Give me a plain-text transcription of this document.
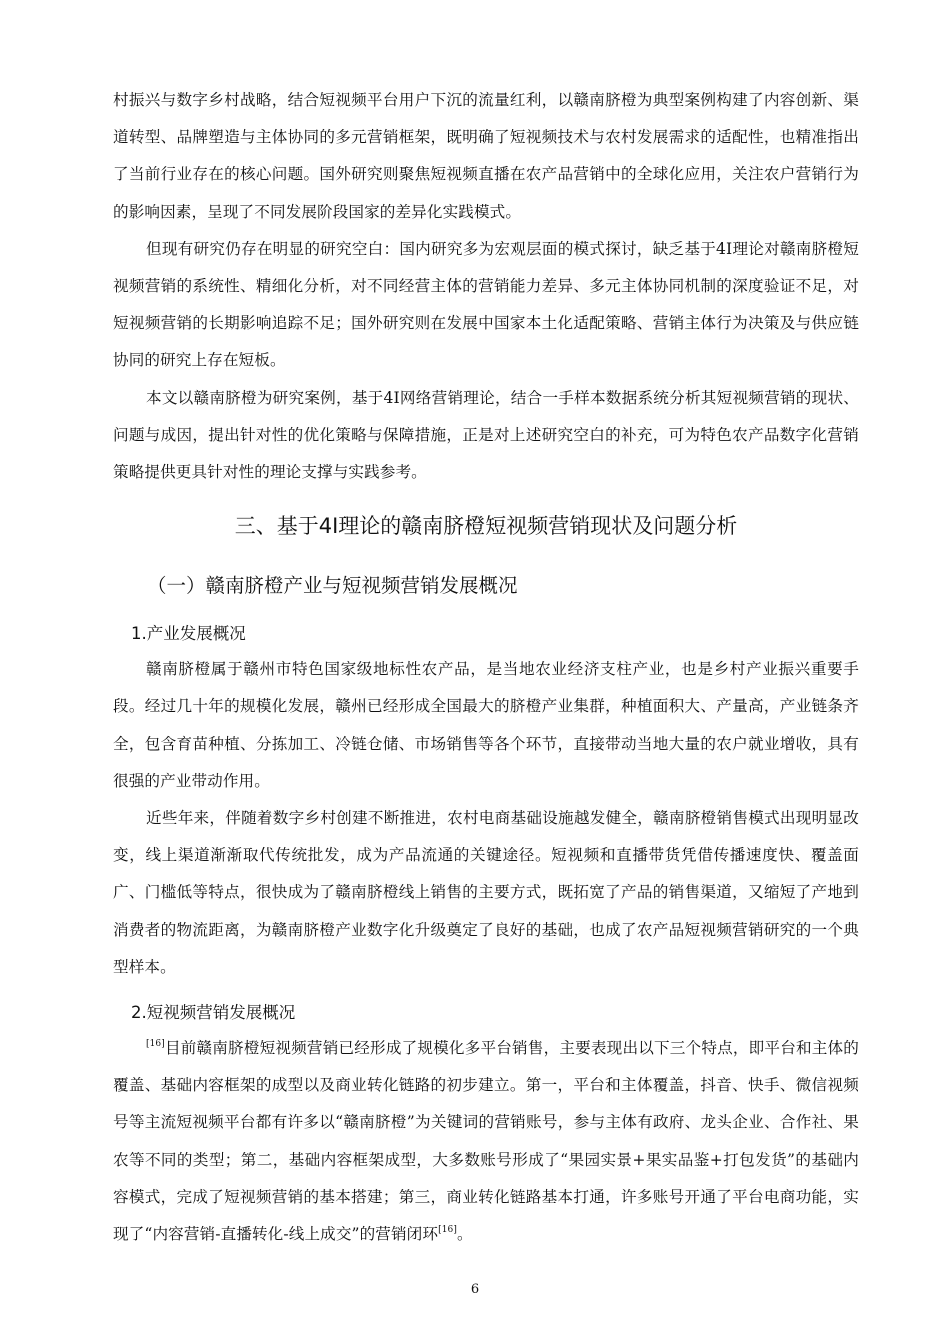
村振兴与数字乡村战略，结合短视频平台用户下沉的流量红利，以赣南脐橙为典型案例构建了内容创新、渠道转型、品牌塑造与主体协同的多元营销框架，既明确了短视频技术与农村发展需求的适配性，也精准指出了当前行业存在的核心问题。国外研究则聚焦短视频直播在农产品营销中的全球化应用，关注农户营销行为的影响因素，呈现了不同发展阶段国家的差异化实践模式。

但现有研究仍存在明显的研究空白：国内研究多为宏观层面的模式探讨，缺乏基于4I理论对赣南脐橙短视频营销的系统性、精细化分析，对不同经营主体的营销能力差异、多元主体协同机制的深度验证不足，对短视频营销的长期影响追踪不足；国外研究则在发展中国家本土化适配策略、营销主体行为决策及与供应链协同的研究上存在短板。

本文以赣南脐橙为研究案例，基于4I网络营销理论，结合一手样本数据系统分析其短视频营销的现状、问题与成因，提出针对性的优化策略与保障措施，正是对上述研究空白的补充，可为特色农产品数字化营销策略提供更具针对性的理论支撑与实践参考。

三、基于4I理论的赣南脐橙短视频营销现状及问题分析
（一）赣南脐橙产业与短视频营销发展概况
1.产业发展概况

赣南脐橙属于赣州市特色国家级地标性农产品，是当地农业经济支柱产业，也是乡村产业振兴重要手段。经过几十年的规模化发展，赣州已经形成全国最大的脐橙产业集群，种植面积大、产量高，产业链条齐全，包含育苗种植、分拣加工、冷链仓储、市场销售等各个环节，直接带动当地大量的农户就业增收，具有很强的产业带动作用。

近些年来，伴随着数字乡村创建不断推进，农村电商基础设施越发健全，赣南脐橙销售模式出现明显改变，线上渠道渐渐取代传统批发，成为产品流通的关键途径。短视频和直播带货凭借传播速度快、覆盖面广、门槛低等特点，很快成为了赣南脐橙线上销售的主要方式，既拓宽了产品的销售渠道，又缩短了产地到消费者的物流距离，为赣南脐橙产业数字化升级奠定了良好的基础，也成了农产品短视频营销研究的一个典型样本。

2.短视频营销发展概况

[16]目前赣南脐橙短视频营销已经形成了规模化多平台销售，主要表现出以下三个特点，即平台和主体的覆盖、基础内容框架的成型以及商业转化链路的初步建立。第一，平台和主体覆盖，抖音、快手、微信视频号等主流短视频平台都有许多以“赣南脐橙”为关键词的营销账号，参与主体有政府、龙头企业、合作社、果农等不同的类型；第二，基础内容框架成型，大多数账号形成了“果园实景+果实品鉴+打包发货”的基础内容模式，完成了短视频营销的基本搭建；第三，商业转化链路基本打通，许多账号开通了平台电商功能，实现了“内容营销-直播转化-线上成交”的营销闭环[16]。

6
